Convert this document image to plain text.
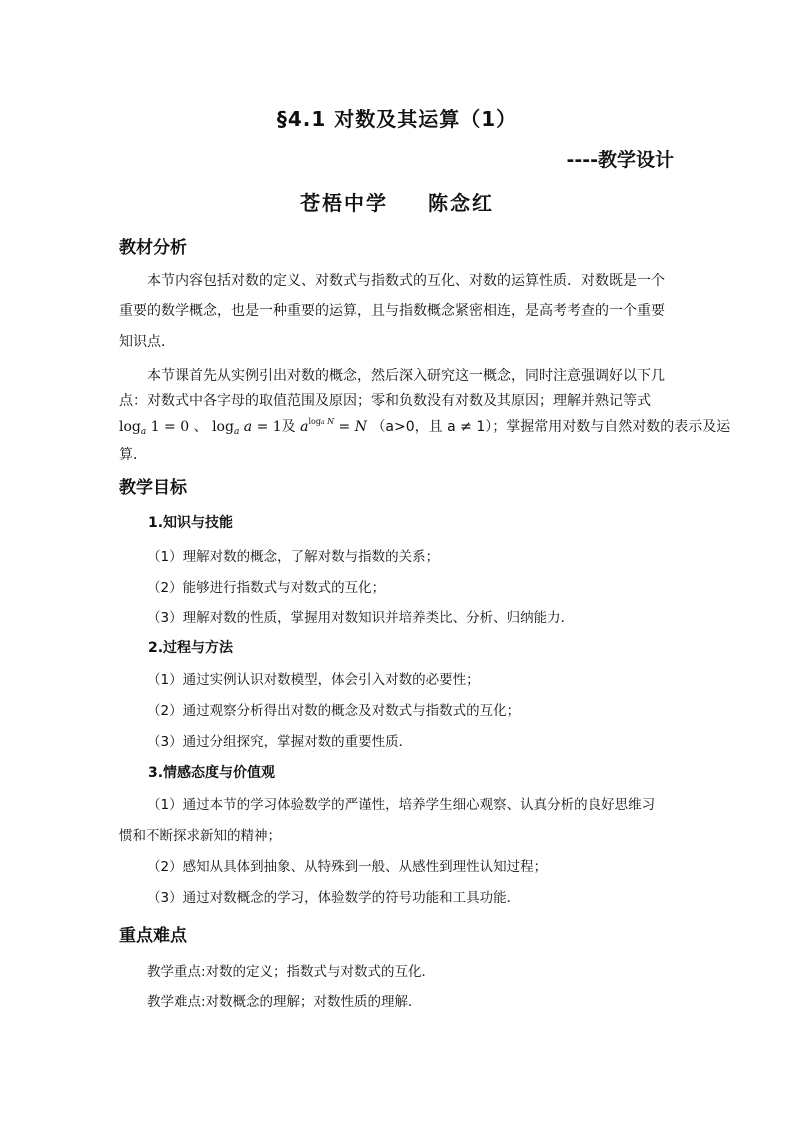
§4.1 对数及其运算（1）
----教学设计
苍梧中学 陈念红
教材分析
本节内容包括对数的定义、对数式与指数式的互化、对数的运算性质．对数既是一个
重要的数学概念，也是一种重要的运算，且与指数概念紧密相连，是高考考查的一个重要
知识点．
本节课首先从实例引出对数的概念，然后深入研究这一概念，同时注意强调好以下几
点：对数式中各字母的取值范围及原因；零和负数没有对数及其原因；理解并熟记等式
$\log_a 1 = 0$ 、 $\log_a a = 1$及 $a^{loga N} = N$ （a>0，且 a ≠ 1）；掌握常用对数与自然对数的表示及运
算．
教学目标
1.知识与技能
（1）理解对数的概念，了解对数与指数的关系；
（2）能够进行指数式与对数式的互化；
（3）理解对数的性质，掌握用对数知识并培养类比、分析、归纳能力．
2.过程与方法
（1）通过实例认识对数模型，体会引入对数的必要性；
（2）通过观察分析得出对数的概念及对数式与指数式的互化；
（3）通过分组探究，掌握对数的重要性质．
3.情感态度与价值观
（1）通过本节的学习体验数学的严谨性，培养学生细心观察、认真分析的良好思维习
惯和不断探求新知的精神；
（2）感知从具体到抽象、从特殊到一般、从感性到理性认知过程；
（3）通过对数概念的学习，体验数学的符号功能和工具功能．
重点难点
教学重点:对数的定义；指数式与对数式的互化．
教学难点:对数概念的理解；对数性质的理解．
